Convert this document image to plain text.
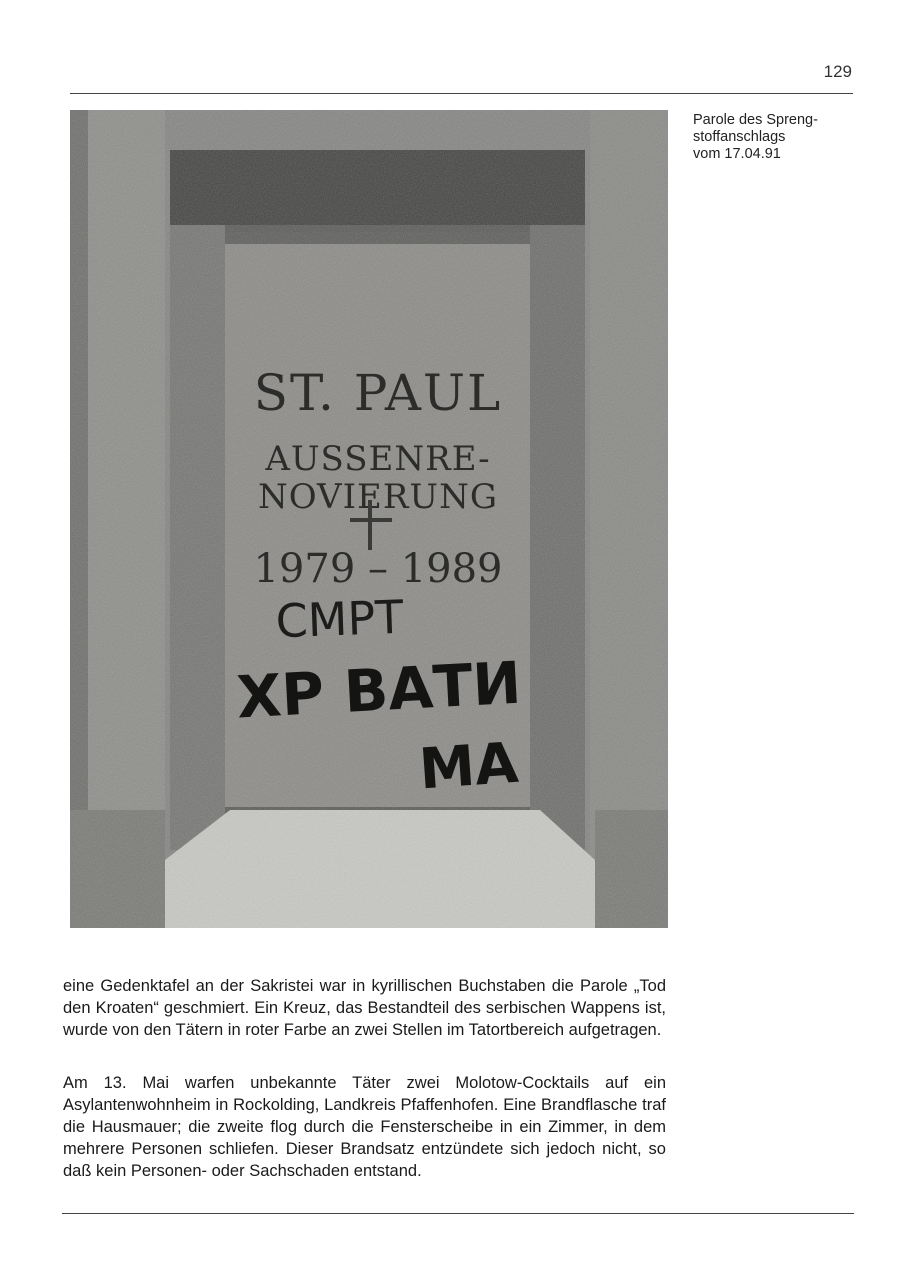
129
ST. PAUL
AUSSENRE-
NOVIERUNG
1979 – 1989
СМРТ
ХР ВАТИ
МА
Parole des Spreng-
stoffanschlags
vom 17.04.91

eine Gedenktafel an der Sakristei war in kyrillischen Buchstaben die Parole „Tod den Kroaten“ geschmiert. Ein Kreuz, das Bestandteil des serbischen Wappens ist, wurde von den Tätern in roter Farbe an zwei Stellen im Tatortbereich aufgetragen.

Am 13. Mai warfen unbekannte Täter zwei Molotow-Cocktails auf ein Asylantenwohnheim in Rockolding, Landkreis Pfaffenhofen. Eine Brandflasche traf die Hausmauer; die zweite flog durch die Fensterscheibe in ein Zimmer, in dem mehrere Personen schliefen. Dieser Brandsatz entzündete sich jedoch nicht, so daß kein Personen- oder Sachschaden entstand.
